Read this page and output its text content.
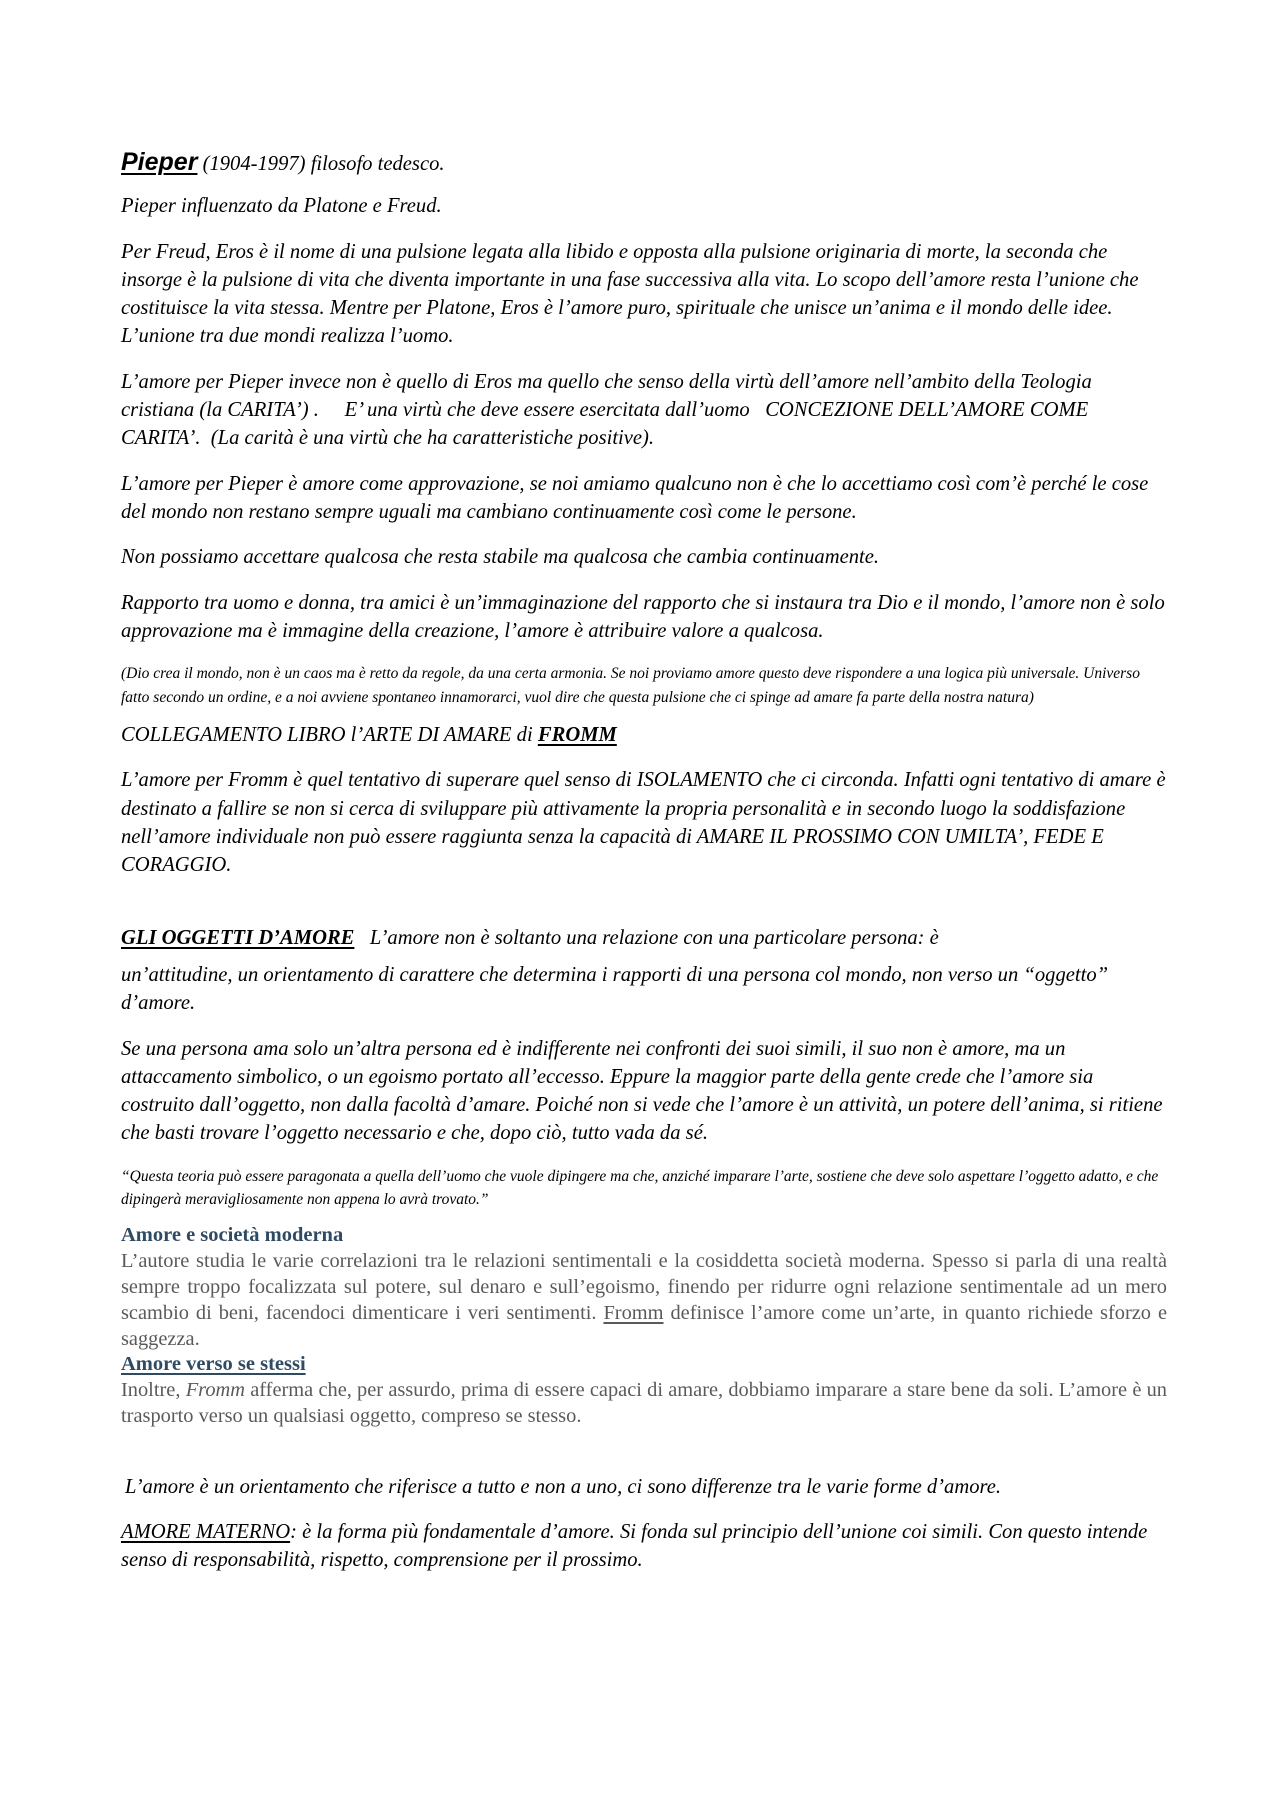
Pieper (1904-1997) filosofo tedesco.

Pieper influenzato da Platone e Freud.

Per Freud, Eros è il nome di una pulsione legata alla libido e opposta alla pulsione originaria di morte, la seconda che insorge è la pulsione di vita che diventa importante in una fase successiva alla vita. Lo scopo dell’amore resta l’unione che costituisce la vita stessa. Mentre per Platone, Eros è l’amore puro, spirituale che unisce un’anima e il mondo delle idee. L’unione tra due mondi realizza l’uomo.

L’amore per Pieper invece non è quello di Eros ma quello che senso della virtù dell’amore nell’ambito della Teologia cristiana (la CARITA’) . E’ una virtù che deve essere esercitata dall’uomo CONCEZIONE DELL’AMORE COME CARITA’. (La carità è una virtù che ha caratteristiche positive).

L’amore per Pieper è amore come approvazione, se noi amiamo qualcuno non è che lo accettiamo così com’è perché le cose del mondo non restano sempre uguali ma cambiano continuamente così come le persone.

Non possiamo accettare qualcosa che resta stabile ma qualcosa che cambia continuamente.

Rapporto tra uomo e donna, tra amici è un’immaginazione del rapporto che si instaura tra Dio e il mondo, l’amore non è solo approvazione ma è immagine della creazione, l’amore è attribuire valore a qualcosa.

(Dio crea il mondo, non è un caos ma è retto da regole, da una certa armonia. Se noi proviamo amore questo deve rispondere a una logica più universale. Universo fatto secondo un ordine, e a noi avviene spontaneo innamorarci, vuol dire che questa pulsione che ci spinge ad amare fa parte della nostra natura)

COLLEGAMENTO LIBRO l’ARTE DI AMARE di FROMM

L’amore per Fromm è quel tentativo di superare quel senso di ISOLAMENTO che ci circonda. Infatti ogni tentativo di amare è destinato a fallire se non si cerca di sviluppare più attivamente la propria personalità e in secondo luogo la soddisfazione nell’amore individuale non può essere raggiunta senza la capacità di AMARE IL PROSSIMO CON UMILTA’, FEDE E CORAGGIO.

GLI OGGETTI D’AMORE L’amore non è soltanto una relazione con una particolare persona: è

un’attitudine, un orientamento di carattere che determina i rapporti di una persona col mondo, non verso un “oggetto” d’amore.

Se una persona ama solo un’altra persona ed è indifferente nei confronti dei suoi simili, il suo non è amore, ma un attaccamento simbolico, o un egoismo portato all’eccesso. Eppure la maggior parte della gente crede che l’amore sia costruito dall’oggetto, non dalla facoltà d’amare. Poiché non si vede che l’amore è un attività, un potere dell’anima, si ritiene che basti trovare l’oggetto necessario e che, dopo ciò, tutto vada da sé.

“Questa teoria può essere paragonata a quella dell’uomo che vuole dipingere ma che, anziché imparare l’arte, sostiene che deve solo aspettare l’oggetto adatto, e che dipingerà meravigliosamente non appena lo avrà trovato.”

Amore e società moderna

L’autore studia le varie correlazioni tra le relazioni sentimentali e la cosiddetta società moderna. Spesso si parla di una realtà sempre troppo focalizzata sul potere, sul denaro e sull’egoismo, finendo per ridurre ogni relazione sentimentale ad un mero scambio di beni, facendoci dimenticare i veri sentimenti. Fromm definisce l’amore come un’arte, in quanto richiede sforzo e saggezza.

Amore verso se stessi

Inoltre, Fromm afferma che, per assurdo, prima di essere capaci di amare, dobbiamo imparare a stare bene da soli. L’amore è un trasporto verso un qualsiasi oggetto, compreso se stesso.

L’amore è un orientamento che riferisce a tutto e non a uno, ci sono differenze tra le varie forme d’amore.

AMORE MATERNO: è la forma più fondamentale d’amore. Si fonda sul principio dell’unione coi simili. Con questo intende senso di responsabilità, rispetto, comprensione per il prossimo.
